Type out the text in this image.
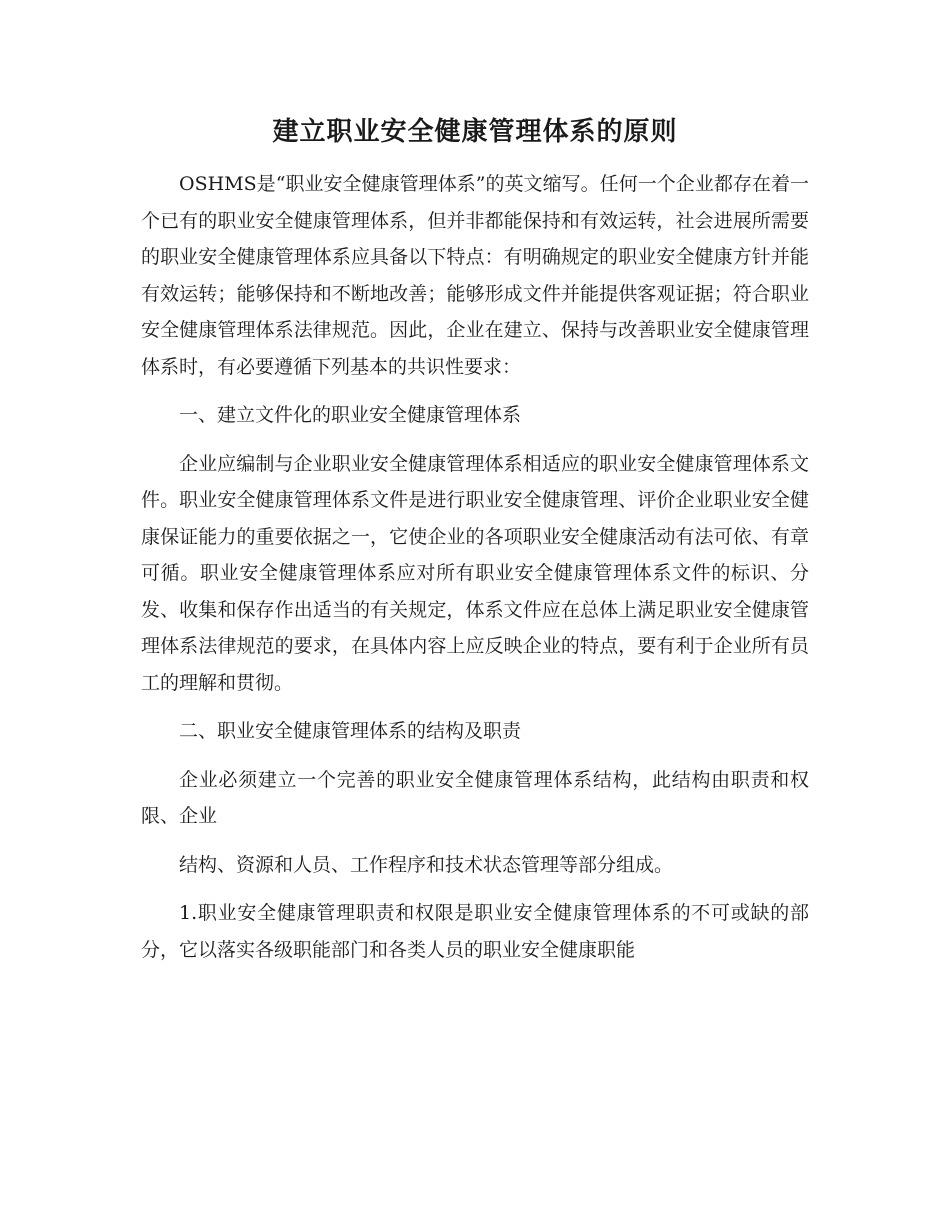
建立职业安全健康管理体系的原则

OSHMS是“职业安全健康管理体系”的英文缩写。任何一个企业都存在着一个已有的职业安全健康管理体系，但并非都能保持和有效运转，社会进展所需要的职业安全健康管理体系应具备以下特点：有明确规定的职业安全健康方针并能有效运转；能够保持和不断地改善；能够形成文件并能提供客观证据；符合职业安全健康管理体系法律规范。因此，企业在建立、保持与改善职业安全健康管理体系时，有必要遵循下列基本的共识性要求：

一、建立文件化的职业安全健康管理体系

企业应编制与企业职业安全健康管理体系相适应的职业安全健康管理体系文件。职业安全健康管理体系文件是进行职业安全健康管理、评价企业职业安全健康保证能力的重要依据之一，它使企业的各项职业安全健康活动有法可依、有章可循。职业安全健康管理体系应对所有职业安全健康管理体系文件的标识、分发、收集和保存作出适当的有关规定，体系文件应在总体上满足职业安全健康管理体系法律规范的要求，在具体内容上应反映企业的特点，要有利于企业所有员工的理解和贯彻。

二、职业安全健康管理体系的结构及职责

企业必须建立一个完善的职业安全健康管理体系结构，此结构由职责和权限、企业

结构、资源和人员、工作程序和技术状态管理等部分组成。

1.职业安全健康管理职责和权限是职业安全健康管理体系的不可或缺的部分，它以落实各级职能部门和各类人员的职业安全健康职能
